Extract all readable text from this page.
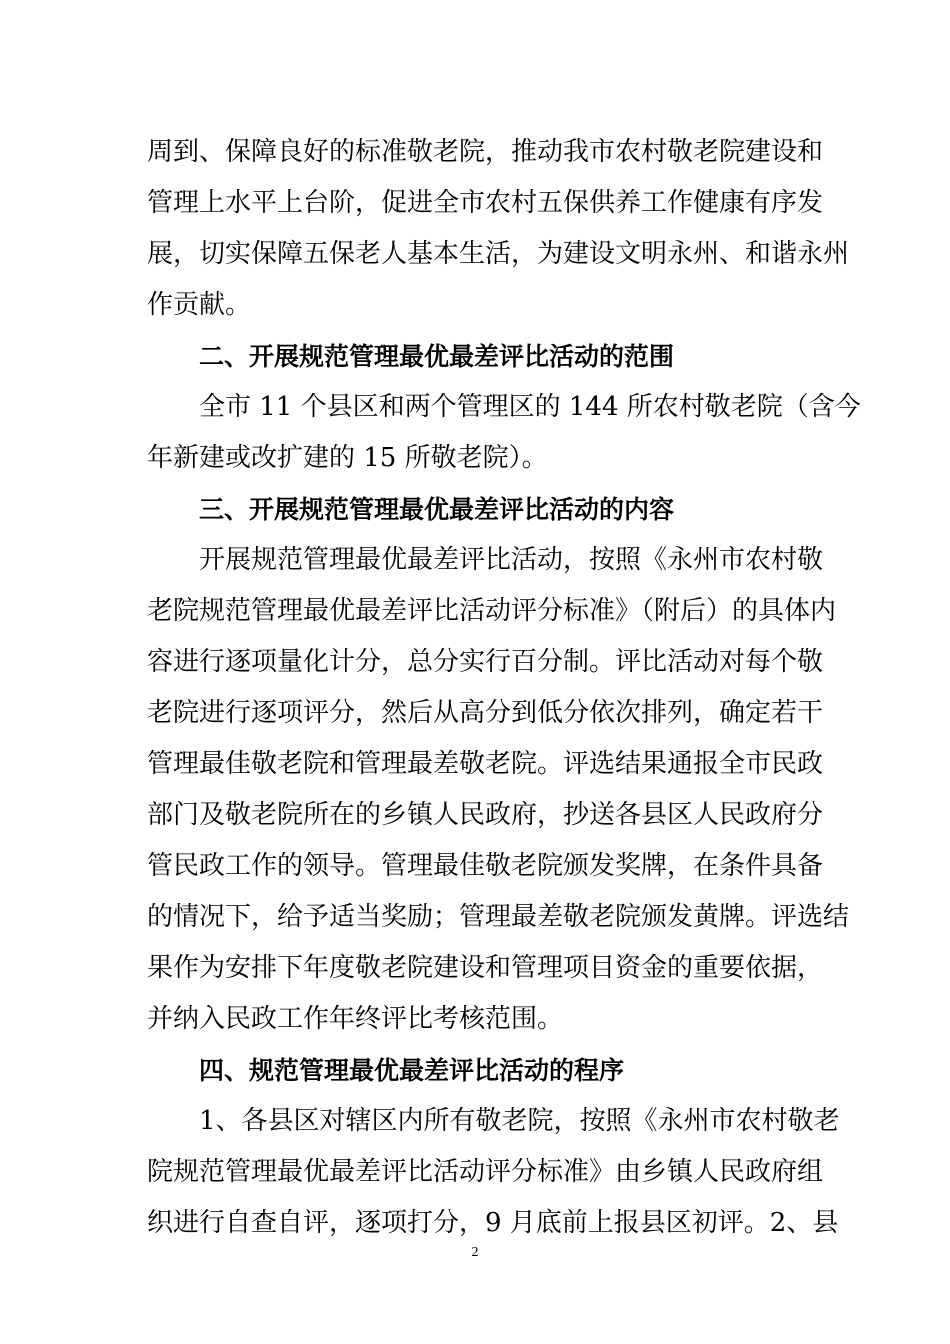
周到、保障良好的标准敬老院，推动我市农村敬老院建设和
管理上水平上台阶，促进全市农村五保供养工作健康有序发
展，切实保障五保老人基本生活，为建设文明永州、和谐永州
作贡献。
二、开展规范管理最优最差评比活动的范围
全市 11 个县区和两个管理区的 144 所农村敬老院（含今
年新建或改扩建的 15 所敬老院）。
三、开展规范管理最优最差评比活动的内容
开展规范管理最优最差评比活动，按照《永州市农村敬
老院规范管理最优最差评比活动评分标准》（附后）的具体内
容进行逐项量化计分，总分实行百分制。评比活动对每个敬
老院进行逐项评分，然后从高分到低分依次排列，确定若干
管理最佳敬老院和管理最差敬老院。评选结果通报全市民政
部门及敬老院所在的乡镇人民政府，抄送各县区人民政府分
管民政工作的领导。管理最佳敬老院颁发奖牌，在条件具备
的情况下，给予适当奖励；管理最差敬老院颁发黄牌。评选结
果作为安排下年度敬老院建设和管理项目资金的重要依据，
并纳入民政工作年终评比考核范围。
四、规范管理最优最差评比活动的程序
1、各县区对辖区内所有敬老院，按照《永州市农村敬老
院规范管理最优最差评比活动评分标准》由乡镇人民政府组
织进行自查自评，逐项打分，9 月底前上报县区初评。2、县
2
